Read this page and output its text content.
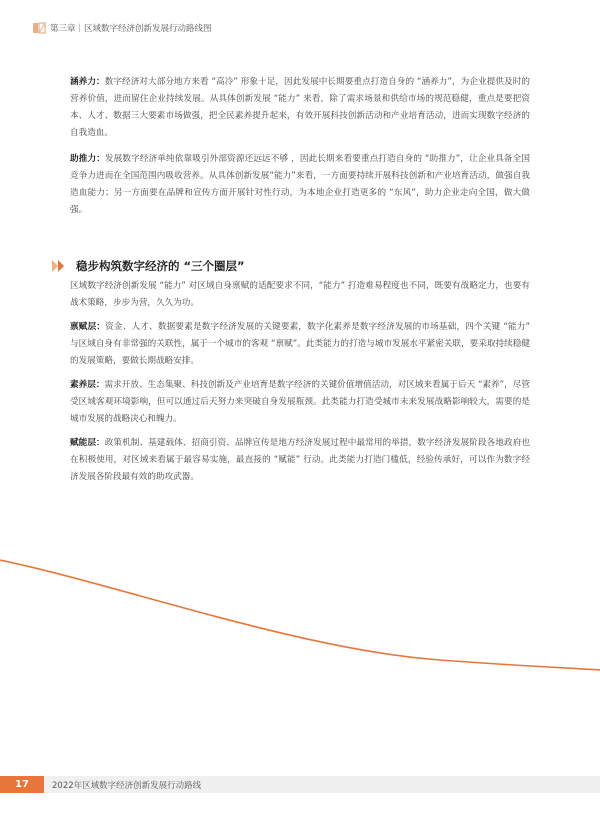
第三章｜区域数字经济创新发展行动路线图
涵养力：数字经济对大部分地方来看 “高冷” 形象十足，因此发展中长期要重点打造自身的 “涵养力”，为企业提供及时的营养价值，进而留住企业持续发展。从具体创新发展 “能力” 来看，除了需求场景和供给市场的规范稳健，重点是要把资本、人才、数据三大要素市场做强，把全民素养提升起来，有效开展科技创新活动和产业培育活动，进而实现数字经济的自我造血。
助推力：发展数字经济单纯依靠吸引外部资源还远远不够 ，因此长期来看要重点打造自身的 “助推力”，让企业具备全国竞争力进而在全国范围内吸收营养。从具体创新发展“能力”来看，一方面要持续开展科技创新和产业培育活动，做强自我造血能力；另一方面要在品牌和宣传方面开展针对性行动，为本地企业打造更多的 “东风”，助力企业走向全国，做大做强。
稳步构筑数字经济的 “三个圈层”
区域数字经济创新发展 “能力” 对区域自身禀赋的适配要求不同，“能力” 打造难易程度也不同，既要有战略定力，也要有战术策略，步步为营，久久为功。
禀赋层：资金、人才、数据要素是数字经济发展的关键要素，数字化素养是数字经济发展的市场基础，四个关键 “能力” 与区域自身有非常强的关联性，属于一个城市的客观 “禀赋”。此类能力的打造与城市发展水平紧密关联，要采取持续稳健的发展策略，要做长期战略安排。
素养层：需求开放、生态集聚、科技创新及产业培育是数字经济的关键价值增值活动，对区域来看属于后天 “素养”，尽管受区域客观环境影响，但可以通过后天努力来突破自身发展瓶颈。此类能力打造受城市未来发展战略影响较大，需要的是城市发展的战略决心和魄力。
赋能层：政策机制、基建载体、招商引资、品牌宣传是地方经济发展过程中最常用的举措，数字经济发展阶段各地政府也在积极使用，对区域来看属于最容易实施，最直接的 “赋能” 行动。此类能力打造门槛低，经验传承好，可以作为数字经济发展各阶段最有效的助攻武器。
17	2022年区域数字经济创新发展行动路线
